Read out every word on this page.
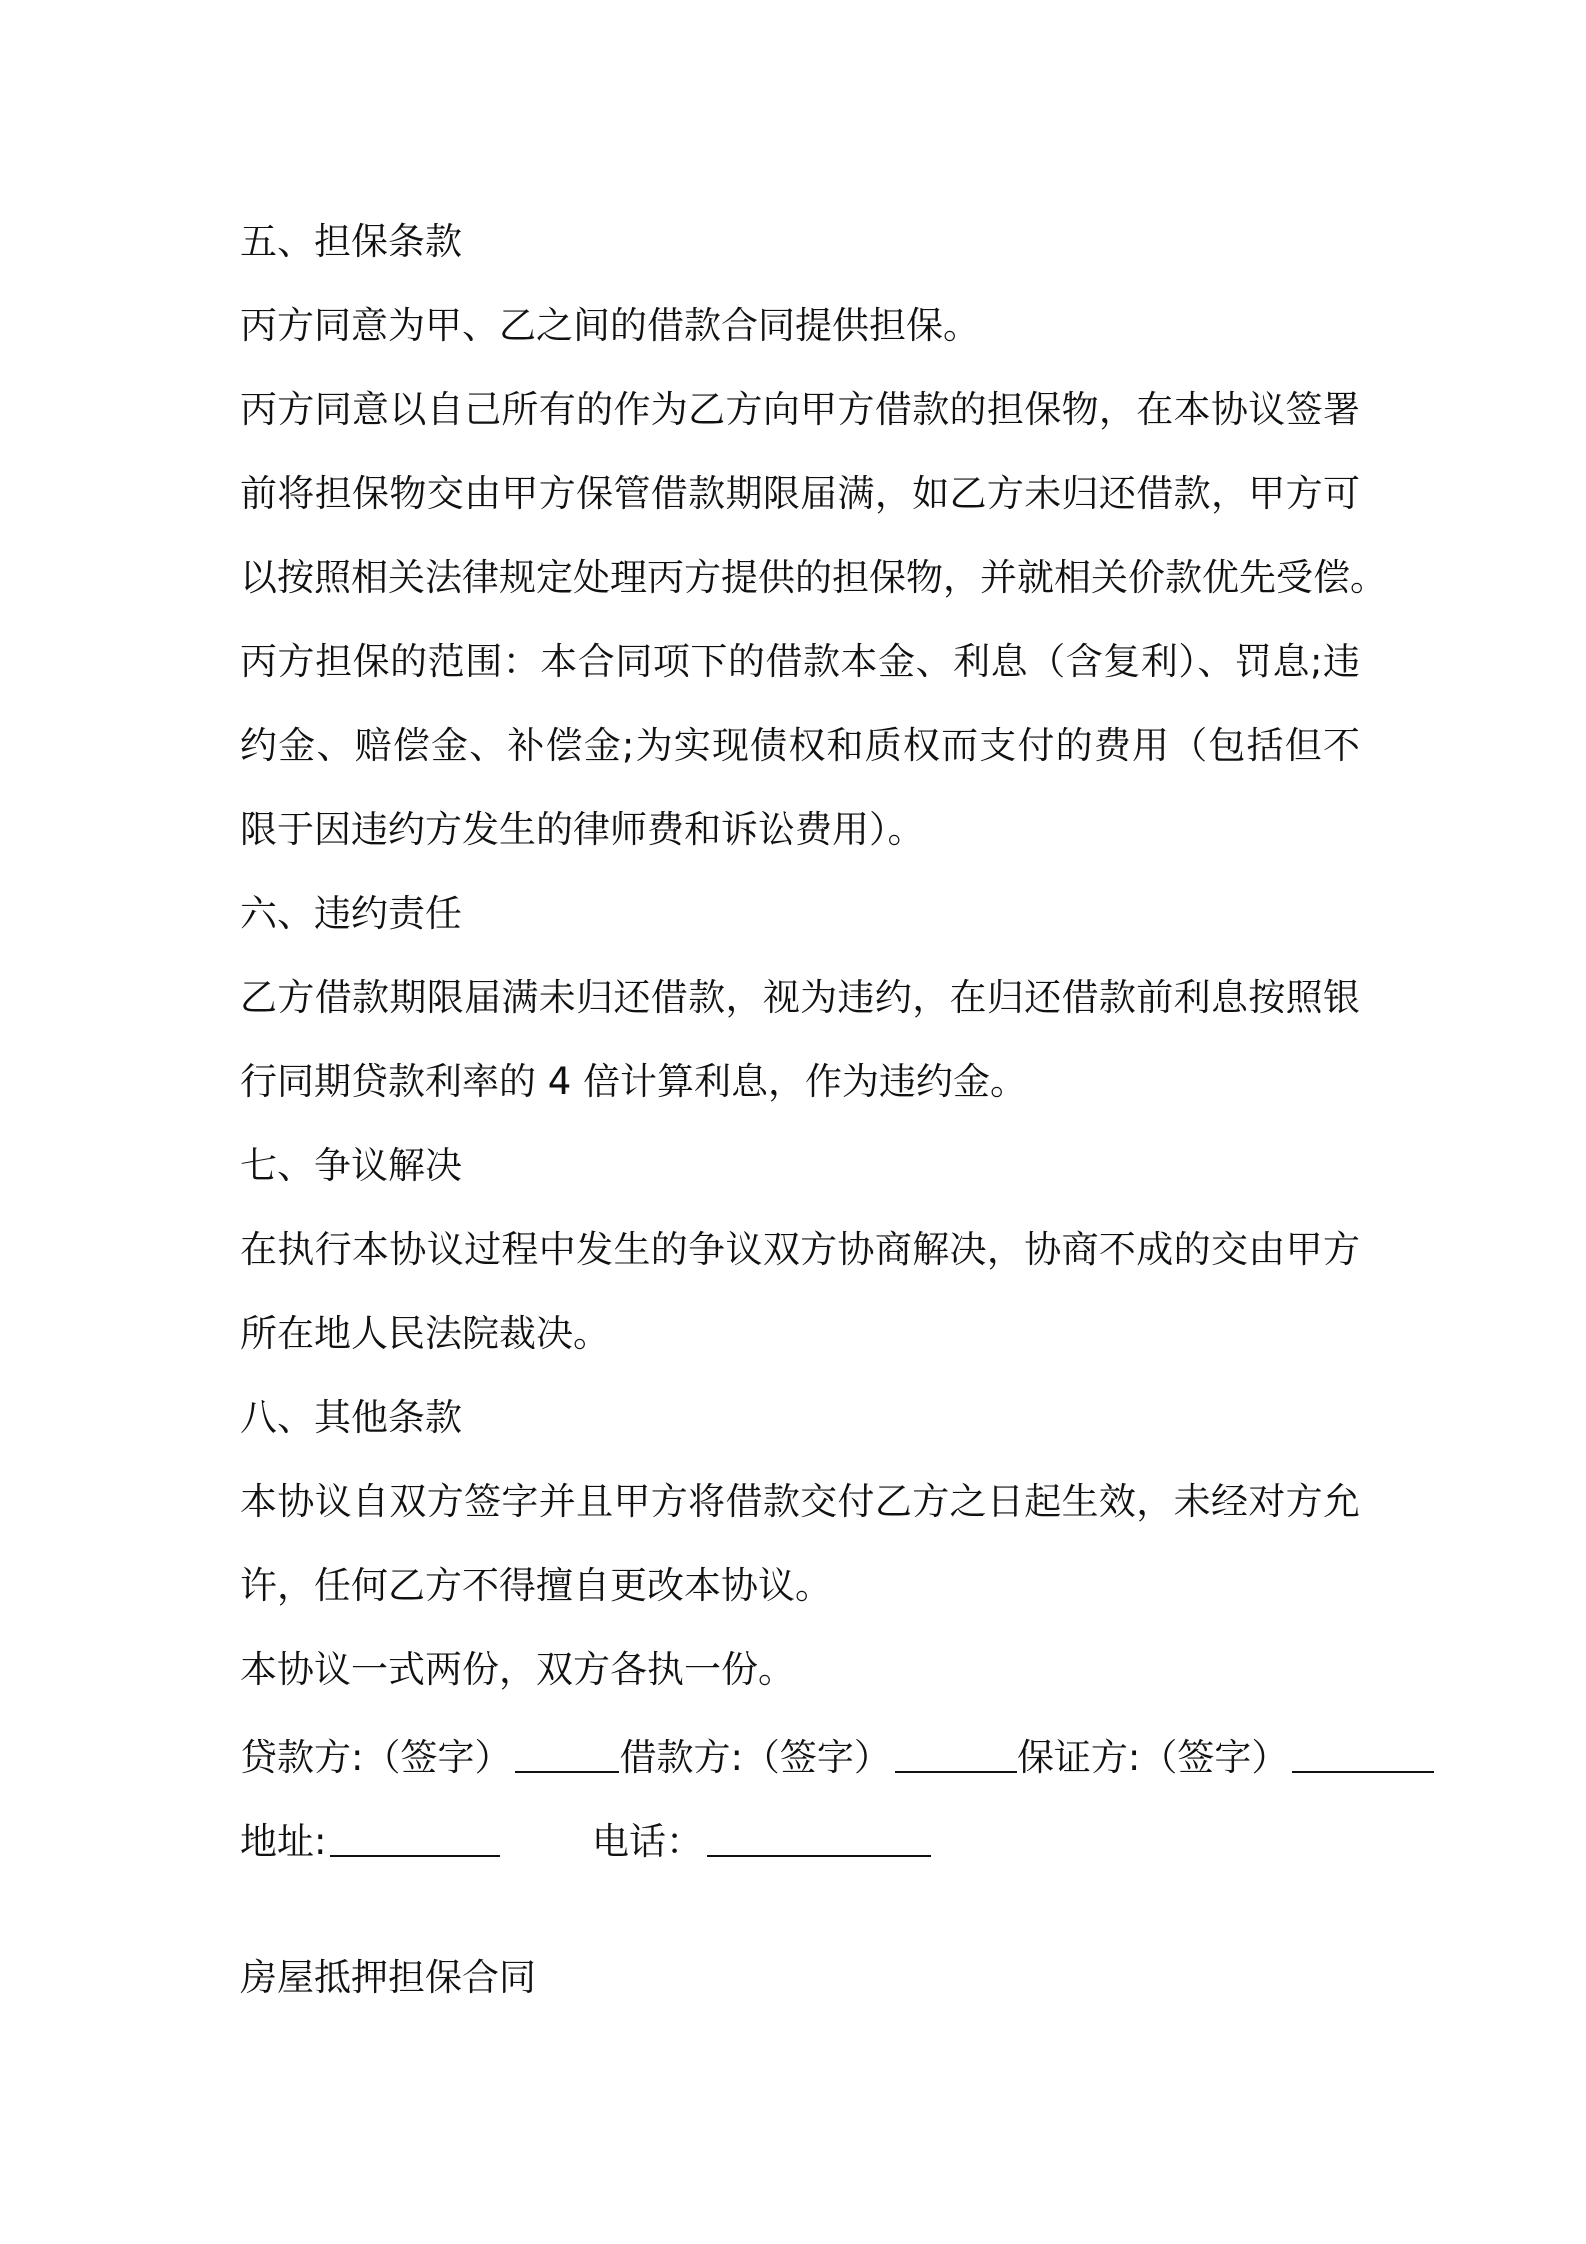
五、担保条款
丙方同意为甲、乙之间的借款合同提供担保。
丙方同意以自己所有的作为乙方向甲方借款的担保物，在本协议签署
前将担保物交由甲方保管借款期限届满，如乙方未归还借款，甲方可
以按照相关法律规定处理丙方提供的担保物，并就相关价款优先受偿。
丙方担保的范围：本合同项下的借款本金、利息（含复利）、罚息;违
约金、赔偿金、补偿金;为实现债权和质权而支付的费用（包括但不
限于因违约方发生的律师费和诉讼费用）。
六、违约责任
乙方借款期限届满未归还借款，视为违约，在归还借款前利息按照银
行同期贷款利率的 4 倍计算利息，作为违约金。
七、争议解决
在执行本协议过程中发生的争议双方协商解决，协商不成的交由甲方
所在地人民法院裁决。
八、其他条款
本协议自双方签字并且甲方将借款交付乙方之日起生效，未经对方允
许，任何乙方不得擅自更改本协议。
本协议一式两份，双方各执一份。
贷款方:（签字）	借款方:（签字）	保证方:（签字）
地址:	电话：
房屋抵押担保合同
